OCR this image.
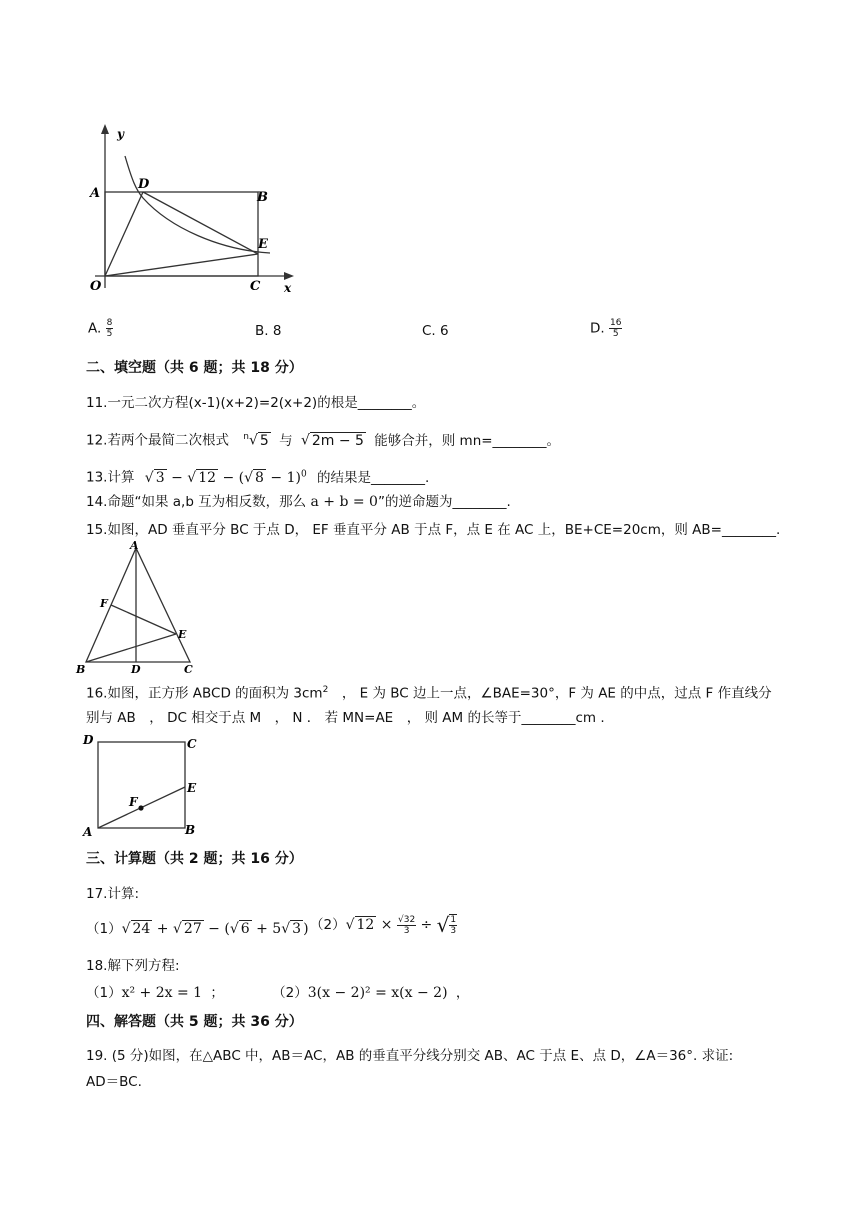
y
x
A
D
B
E
O	C
A. $\frac{8}{5}$	B. 8	C. 6	D. $\frac{16}{5}$
二、填空题（共 6 题；共 18 分）
11.一元二次方程(x-1)(x+2)=2(x+2)的根是________。
12.若两个最简二次根式 $^n$√ 5 与 √ 2m − 5 能够合并，则 mn=________。
13.计算 √ 3 − √ 12 − (√ 8 − 1)$^0$ 的结果是________.
14.命题“如果 a,b 互为相反数，那么 a + b = 0”的逆命题为________.
15.如图，AD 垂直平分 BC 于点 D， EF 垂直平分 AB 于点 F，点 E 在 AC 上，BE+CE=20cm，则 AB=________.
A
F
E
B	D	C
16.如图，正方形 ABCD 的面积为 $3cm^2$　， E 为 BC 边上一点，∠BAE=30°，F 为 AE 的中点，过点 F 作直线分
别与 AB　， DC 相交于点 M　， N ． 若 MN=AE　， 则 AM 的长等于________cm .
D	C
E
F
A	B
三、计算题（共 2 题；共 16 分）
17.计算:
（1）√ 24 + √ 27 − (√ 6 + 5√ 3 ) （2）√ $12 \times \frac{√32}{3}$ ÷ √ $\frac{1}{3}$
18.解下列方程:
（1）x² + 2x = 1 ；	（2）3(x − 2)² = x(x − 2) ，
四、解答题（共 5 题；共 36 分）
19. (5 分)如图，在△ABC 中，AB＝AC，AB 的垂直平分线分别交 AB、AC 于点 E、点 D，∠A＝36°. 求证:
AD＝BC.
